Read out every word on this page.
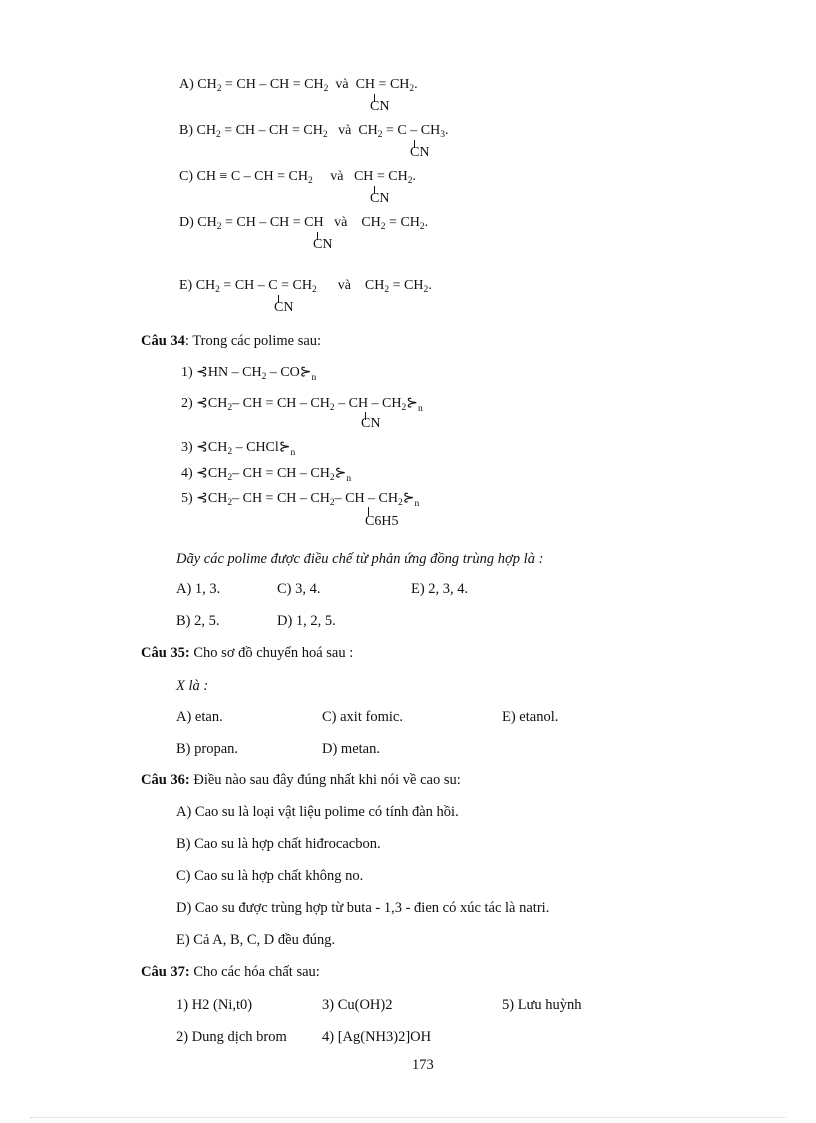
A) $CH_2$ = CH – CH = $CH_2$ và CH = $CH_2$.
CN
B) $CH_2$ = CH – CH = $CH_2$ và $CH_2 = C - CH_3$.
CN
C) CH ≡ C – CH = $CH_2$ và CH = $CH_2$.
CN
D) $CH_2$ = CH – CH = CH và $CH_2 = CH_2$.
CN
E) $CH_2$ = CH – $C = CH_2$ và $CH_2 = CH_2$.
CN
Câu 34: Trong các polime sau:
1) ⊰HN – $CH_2$ – $CO⊱_n$
2) $⊰CH_2-$ CH = CH – $CH_2$ – CH – $CH_2⊱_n$
CN
3) $⊰CH_2$ – $CHCl⊱_n$
4) $⊰CH_2-$ CH = CH – $CH_2⊱_n$
5) $⊰CH_2-$ CH = CH – $CH_2-$ CH – $CH_2⊱_n$
C6H5
Dãy các polime được điều chế từ phản ứng đồng trùng hợp là :
A) 1, 3.	C) 3, 4.	E) 2, 3, 4.
B) 2, 5.	D) 1, 2, 5.
Câu 35: Cho sơ đồ chuyển hoá sau :
X là :
A) etan.	C) axit fomic.	E) etanol.
B) propan.	D) metan.
Câu 36: Điều nào sau đây đúng nhất khi nói về cao su:
A) Cao su là loại vật liệu polime có tính đàn hồi.
B) Cao su là hợp chất hiđrocacbon.
C) Cao su là hợp chất không no.
D) Cao su được trùng hợp từ buta - 1,3 - đien có xúc tác là natri.
E) Cả A, B, C, D đều đúng.
Câu 37: Cho các hóa chất sau:
1) H2 (Ni,t0)	3) Cu(OH)2	5) Lưu huỳnh
2) Dung dịch brom 4) [Ag(NH3)2]OH
173
